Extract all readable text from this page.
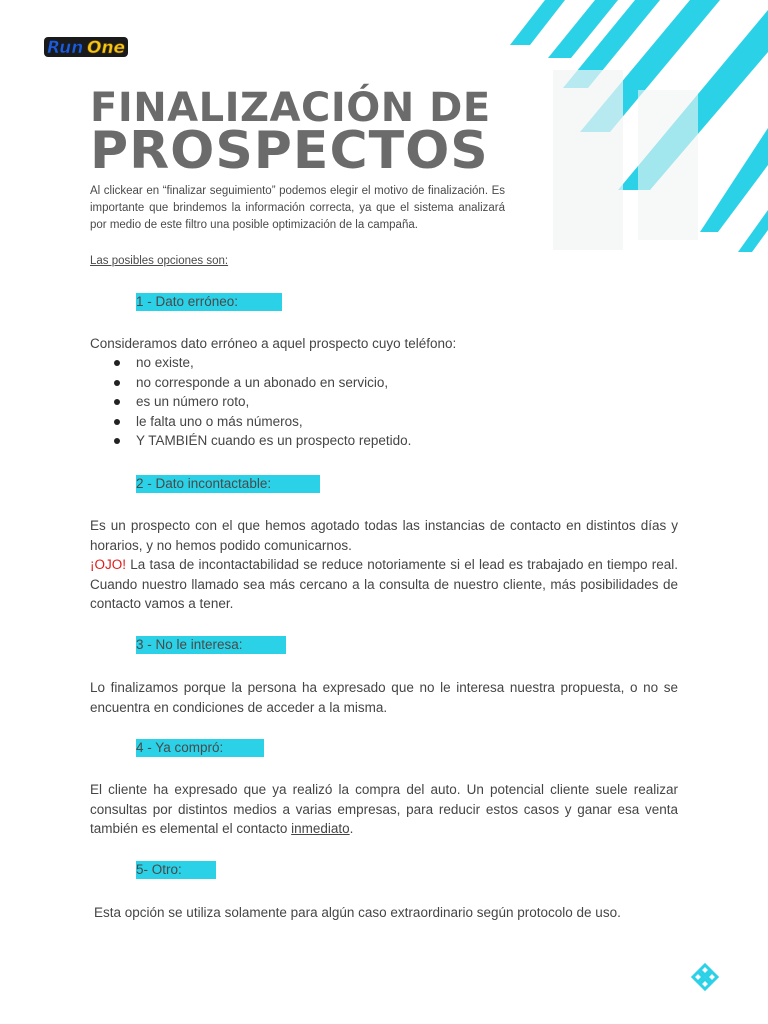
Run One
FINALIZACIÓN DE
PROSPECTOS

Al clickear en “finalizar seguimiento” podemos elegir el motivo de finalización. Es importante que brindemos la información correcta, ya que el sistema analizará por medio de este filtro una posible optimización de la campaña.

Las posibles opciones son:

1 - Dato erróneo:

Consideramos dato erróneo a aquel prospecto cuyo teléfono:

no existe,
no corresponde a un abonado en servicio,
es un número roto,
le falta uno o más números,
Y TAMBIÉN cuando es un prospecto repetido.
2 - Dato incontactable:

Es un prospecto con el que hemos agotado todas las instancias de contacto en distintos días y horarios, y no hemos podido comunicarnos.
¡OJO! La tasa de incontactabilidad se reduce notoriamente si el lead es trabajado en tiempo real. Cuando nuestro llamado sea más cercano a la consulta de nuestro cliente, más posibilidades de contacto vamos a tener.

3 - No le interesa:

Lo finalizamos porque la persona ha expresado que no le interesa nuestra propuesta, o no se encuentra en condiciones de acceder a la misma.

4 - Ya compró:

El cliente ha expresado que ya realizó la compra del auto. Un potencial cliente suele realizar consultas por distintos medios a varias empresas, para reducir estos casos y ganar esa venta también es elemental el contacto inmediato.

5- Otro:

Esta opción se utiliza solamente para algún caso extraordinario según protocolo de uso.
